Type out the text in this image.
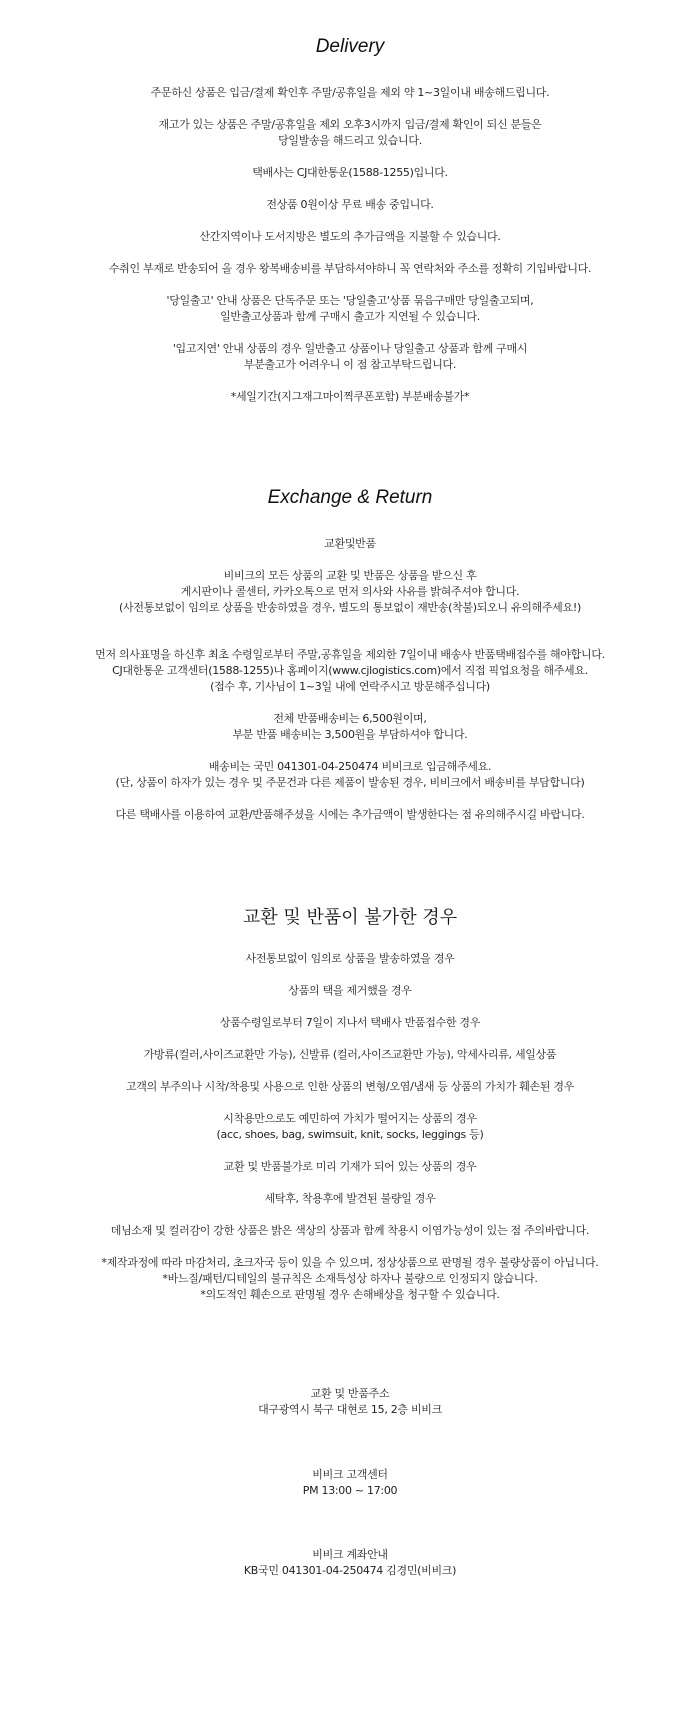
Delivery
주문하신 상품은 입금/결제 확인후 주말/공휴일을 제외 약 1~3일이내 배송해드립니다.
재고가 있는 상품은 주말/공휴일을 제외 오후3시까지 입금/결제 확인이 되신 분들은
당일발송을 해드리고 있습니다.
택배사는 CJ대한통운(1588-1255)입니다.
전상품 0원이상 무료 배송 중입니다.
산간지역이나 도서지방은 별도의 추가금액을 지불할 수 있습니다.
수취인 부재로 반송되어 올 경우 왕복배송비를 부담하셔야하니 꼭 연락처와 주소를 정확히 기입바랍니다.
'당일출고' 안내 상품은 단독주문 또는 '당일출고'상품 묶음구매만 당일출고되며,
일반출고상품과 함께 구매시 출고가 지연될 수 있습니다.
'입고지연' 안내 상품의 경우 일반출고 상품이나 당일출고 상품과 함께 구매시
부분출고가 어려우니 이 점 참고부탁드립니다.
*세일기간(지그재그마이찍쿠폰포함) 부분배송불가*
Exchange & Return
교환및반품
비비크의 모든 상품의 교환 및 반품은 상품을 받으신 후
게시판이나 콜센터, 카카오톡으로 먼저 의사와 사유를 밝혀주셔야 합니다.
(사전통보없이 임의로 상품을 반송하였을 경우, 별도의 통보없이 재반송(착불)되오니 유의해주세요!)
먼저 의사표명을 하신후 최초 수령일로부터 주말,공휴일을 제외한 7일이내 배송사 반품택배접수를 해야합니다.
CJ대한통운 고객센터(1588-1255)나 홈페이지(www.cjlogistics.com)에서 직접 픽업요청을 해주세요.
(접수 후, 기사님이 1~3일 내에 연락주시고 방문해주십니다)
전체 반품배송비는 6,500원이며,
부분 반품 배송비는 3,500원을 부담하셔야 합니다.
배송비는 국민 041301-04-250474 비비크로 입금해주세요.
(단, 상품이 하자가 있는 경우 및 주문건과 다른 제품이 발송된 경우, 비비크에서 배송비를 부담합니다)
다른 택배사를 이용하여 교환/반품해주셨을 시에는 추가금액이 발생한다는 점 유의해주시길 바랍니다.
교환 및 반품이 불가한 경우
사전통보없이 임의로 상품을 발송하였을 경우
상품의 택을 제거했을 경우
상품수령일로부터 7일이 지나서 택배사 반품접수한 경우
가방류(컬러,사이즈교환만 가능), 신발류 (컬러,사이즈교환만 가능), 악세사리류, 세일상품
고객의 부주의나 시착/착용및 사용으로 인한 상품의 변형/오염/냄새 등 상품의 가치가 훼손된 경우
시착용만으로도 예민하여 가치가 떨어지는 상품의 경우
(acc, shoes, bag, swimsuit, knit, socks, leggings 등)
교환 및 반품불가로 미리 기재가 되어 있는 상품의 경우
세탁후, 착용후에 발견된 불량일 경우
데님소재 및 컬러감이 강한 상품은 밝은 색상의 상품과 함께 착용시 이염가능성이 있는 점 주의바랍니다.
*제작과정에 따라 마감처리, 초크자국 등이 있을 수 있으며, 정상상품으로 판명될 경우 불량상품이 아닙니다.
*바느질/패턴/디테일의 불규칙은 소재특성상 하자나 불량으로 인정되지 않습니다.
*의도적인 훼손으로 판명될 경우 손해배상을 청구할 수 있습니다.
교환 및 반품주소
대구광역시 북구 대현로 15, 2층 비비크
비비크 고객센터
PM 13:00 ~ 17:00
비비크 계좌안내
KB국민 041301-04-250474 김경민(비비크)
